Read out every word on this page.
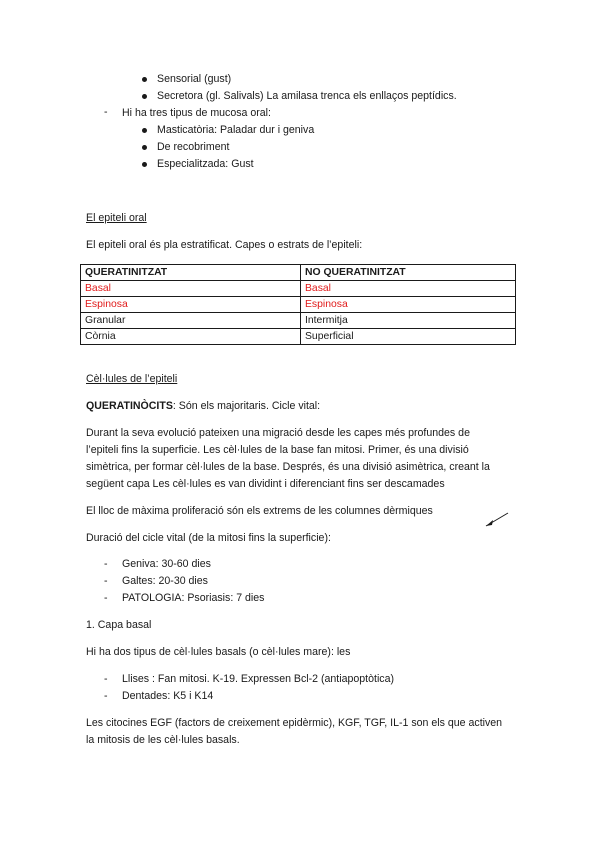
Sensorial (gust)
Secretora (gl. Salivals) La amilasa trenca els enllaços peptídics.
- Hi ha tres tipus de mucosa oral:
Masticatòria: Paladar dur i geniva
De recobriment
Especialitzada: Gust
El epiteli oral
El epiteli oral és pla estratificat. Capes o estrats de l’epiteli:
QUERATINITZAT	NO QUERATINITZAT
Basal	Basal
Espinosa	Espinosa
Granular	Intermitja
Còrnia	Superficial
Cèl·lules de l’epiteli
QUERATINÒCITS: Són els majoritaris. Cicle vital:
Durant la seva evolució pateixen una migració desde les capes més profundes de
l’epiteli fins la superficie. Les cèl·lules de la base fan mitosi. Primer, és una divisió
simètrica, per formar cèl·lules de la base. Després, és una divisió asimètrica, creant la
següent capa Les cèl·lules es van dividint i diferenciant fins ser descamades
El lloc de màxima proliferació són els extrems de les columnes dèrmiques
Duració del cicle vital (de la mitosi fins la superficie):
- Geniva: 30-60 dies
- Galtes: 20-30 dies
- PATOLOGIA: Psoriasis: 7 dies
1. Capa basal
Hi ha dos tipus de cèl·lules basals (o cèl·lules mare): les
- Llises : Fan mitosi. K-19. Expressen Bcl-2 (antiapoptòtica)
- Dentades: K5 i K14
Les citocines EGF (factors de creixement epidèrmic), KGF, TGF, IL-1 son els que activen
la mitosis de les cèl·lules basals.
